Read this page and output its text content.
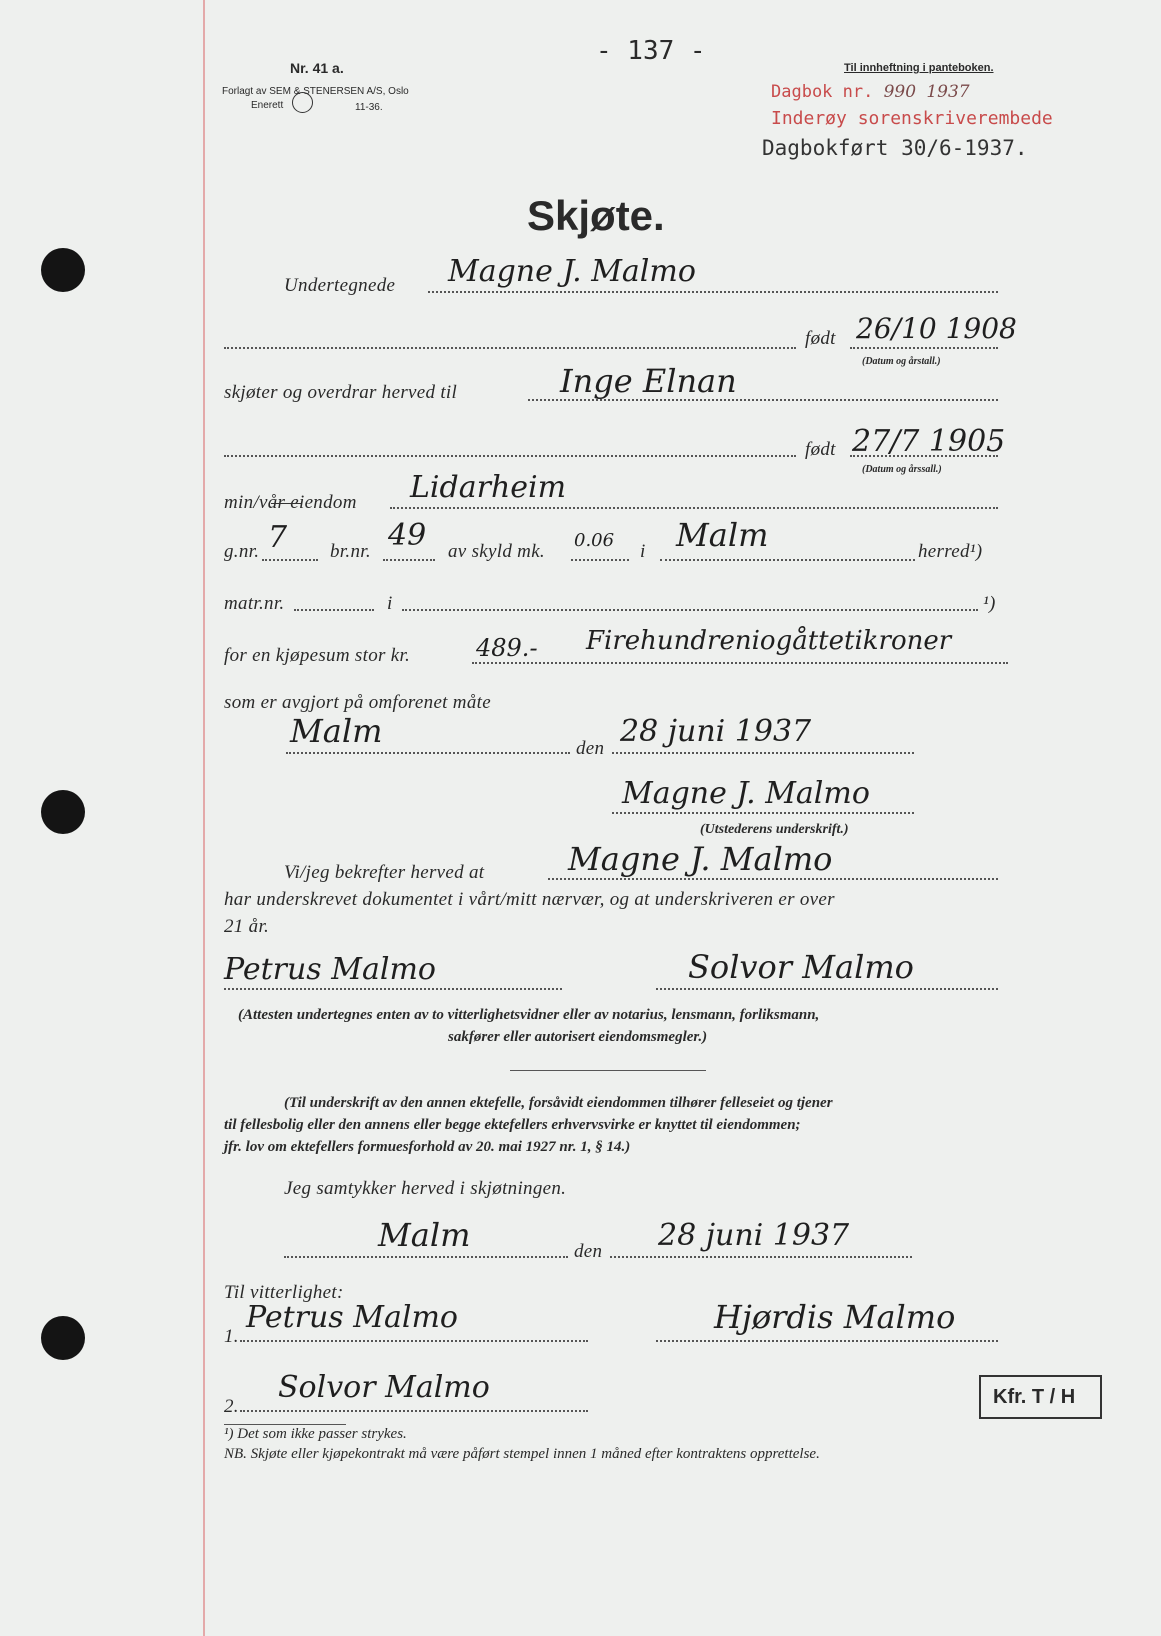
Nr. 41 a.
Forlagt av SEM & STENERSEN A/S, Oslo
Enerett	11-36.
- 137 -
Til innheftning i panteboken.
Dagbok nr. 990 1937
Inderøy sorenskriverembede
Dagbokført 30/6-1937.
Skjøte.
Undertegnede Magne J. Malmo
født 26/10 1908
(Datum og årstall.)
skjøter og overdrar herved til	Inge Elnan
født 27/7 1905
(Datum og årssall.)
min/vår eiendom Lidarheim
g.nr. 7 br.nr. 49 av skyld mk.
0.06
i Malm	herred¹)
matr.nr.	i	¹)
for en kjøpesum stor kr.	489.- Firehundreniogåttetikroner
som er avgjort på omforenet måte
Malm	den 28 juni 1937
Magne J. Malmo
(Utstederens underskrift.)
Vi/jeg bekrefter herved at	Magne J. Malmo
har underskrevet dokumentet i vårt/mitt nærvær, og at underskriveren er over
21 år.
Petrus Malmo	Solvor Malmo
(Attesten undertegnes enten av to vitterlighetsvidner eller av notarius, lensmann, forliksmann,
sakfører eller autorisert eiendomsmegler.)
(Til underskrift av den annen ektefelle, forsåvidt eiendommen tilhører felleseiet og tjener
til fellesbolig eller den annens eller begge ektefellers erhvervsvirke er knyttet til eiendommen;
jfr. lov om ektefellers formuesforhold av 20. mai 1927 nr. 1, § 14.)
Jeg samtykker herved i skjøtningen.
Malm	den 28 juni 1937
Til vitterlighet:
1.
Petrus Malmo	Hjørdis Malmo
2.
Solvor Malmo	Kfr. T / H
¹) Det som ikke passer strykes.
NB. Skjøte eller kjøpekontrakt må være påført stempel innen 1 måned efter kontraktens opprettelse.
